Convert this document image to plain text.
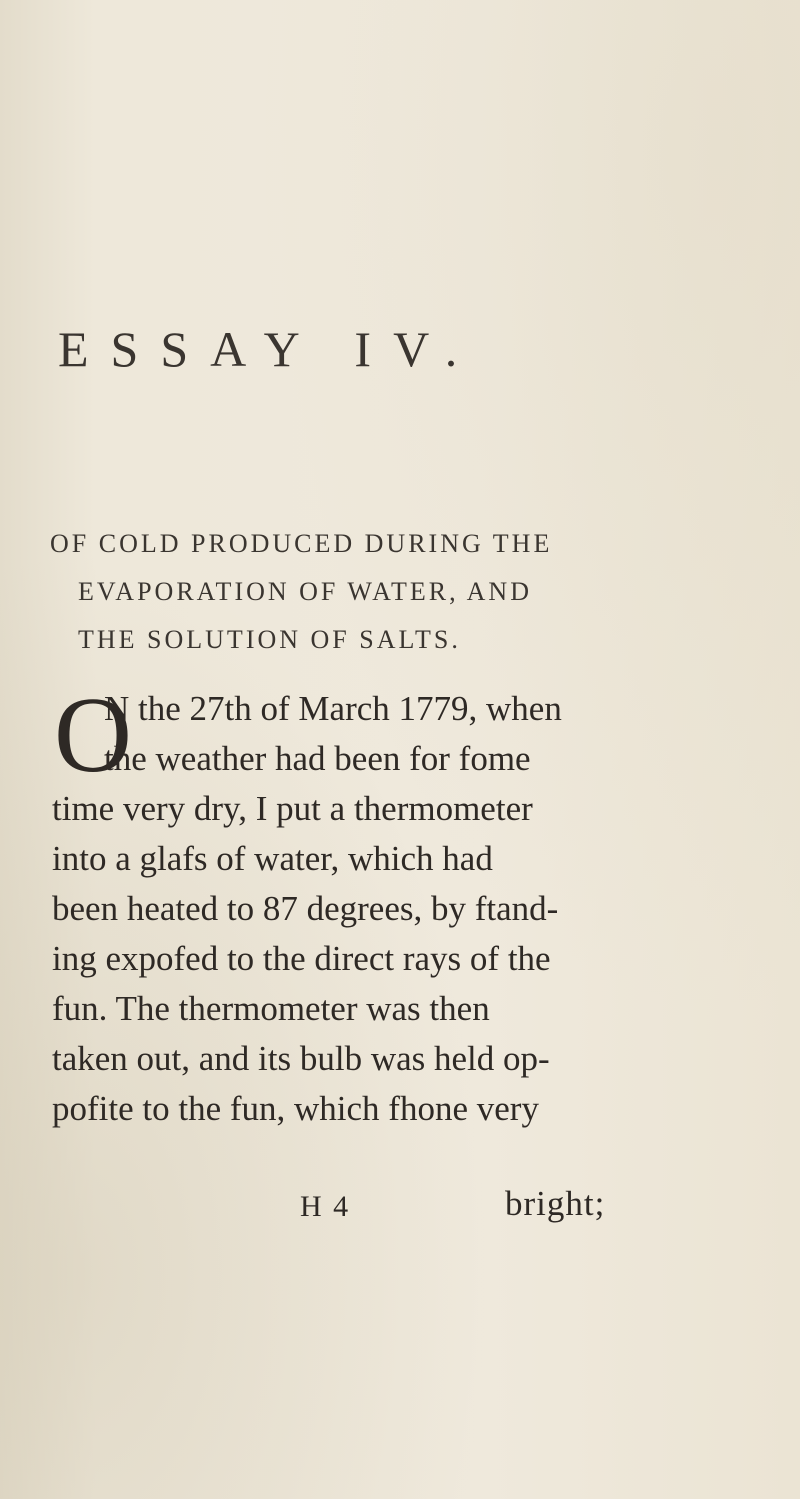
ESSAY IV.
OF COLD PRODUCED DURING THE
EVAPORATION OF WATER, AND
THE SOLUTION OF SALTS.
O
N the 27th of March 1779, when
the weather had been for fome
time very dry, I put a thermometer
into a glafs of water, which had
been heated to 87 degrees, by ftand-
ing expofed to the direct rays of the
fun. The thermometer was then
taken out, and its bulb was held op-
pofite to the fun, which fhone very
H 4	bright;
